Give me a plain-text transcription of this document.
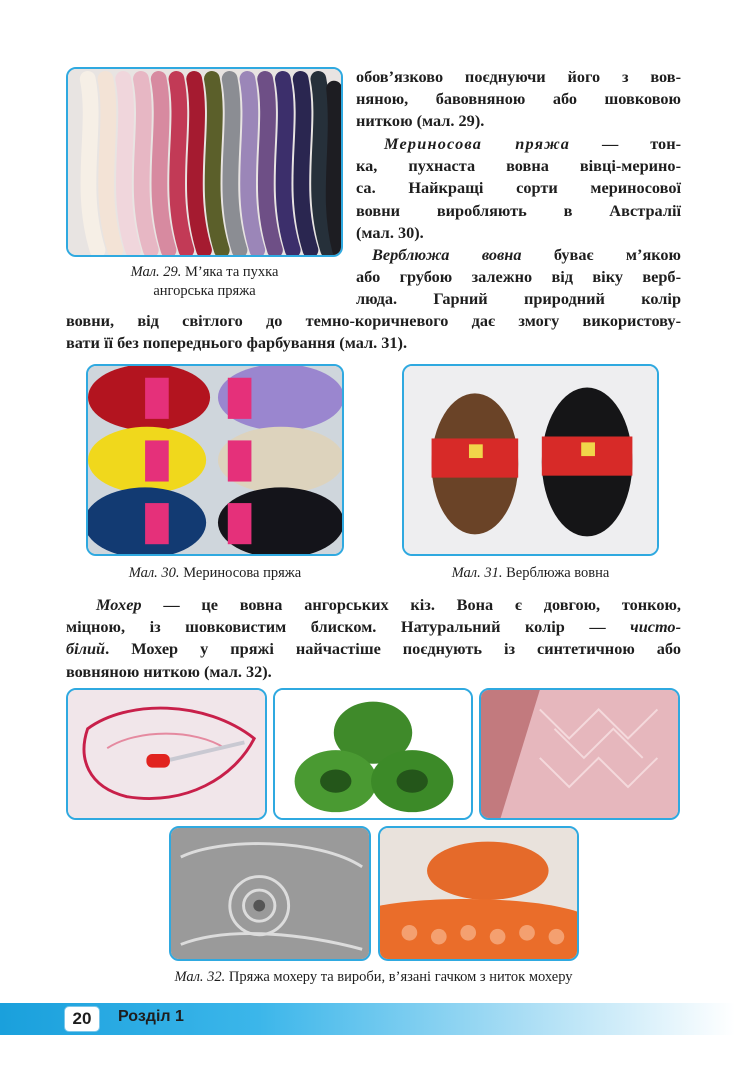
Мал. 29. М’яка та пухка
ангорська пряжа
обов’язково поєднуючи його з вов-
няною, бавовняною або шовковою
ниткою (мал. 29).
Мериносова пряжа — тон-
ка, пухнаста вовна вівці-мерино-
са. Найкращі сорти мериносової
вовни виробляють в Австралії
(мал. 30).
Верблюжа вовна буває м’якою
або грубою залежно від віку верб-
люда. Гарний природний колір
вовни, від світлого до темно-коричневого дає змогу використову-
вати її без попереднього фарбування (мал. 31).
Мал. 30. Мериносова пряжа	Мал. 31. Верблюжа вовна
Мохер — це вовна ангорських кіз. Вона є довгою, тонкою,
міцною, із шовковистим блиском. Натуральний колір — чисто-
білий. Мохер у пряжі найчастіше поєднують із синтетичною або
вовняною ниткою (мал. 32).
Мал. 32. Пряжа мохеру та вироби, в’язані гачком з ниток мохеру
20	Розділ 1
